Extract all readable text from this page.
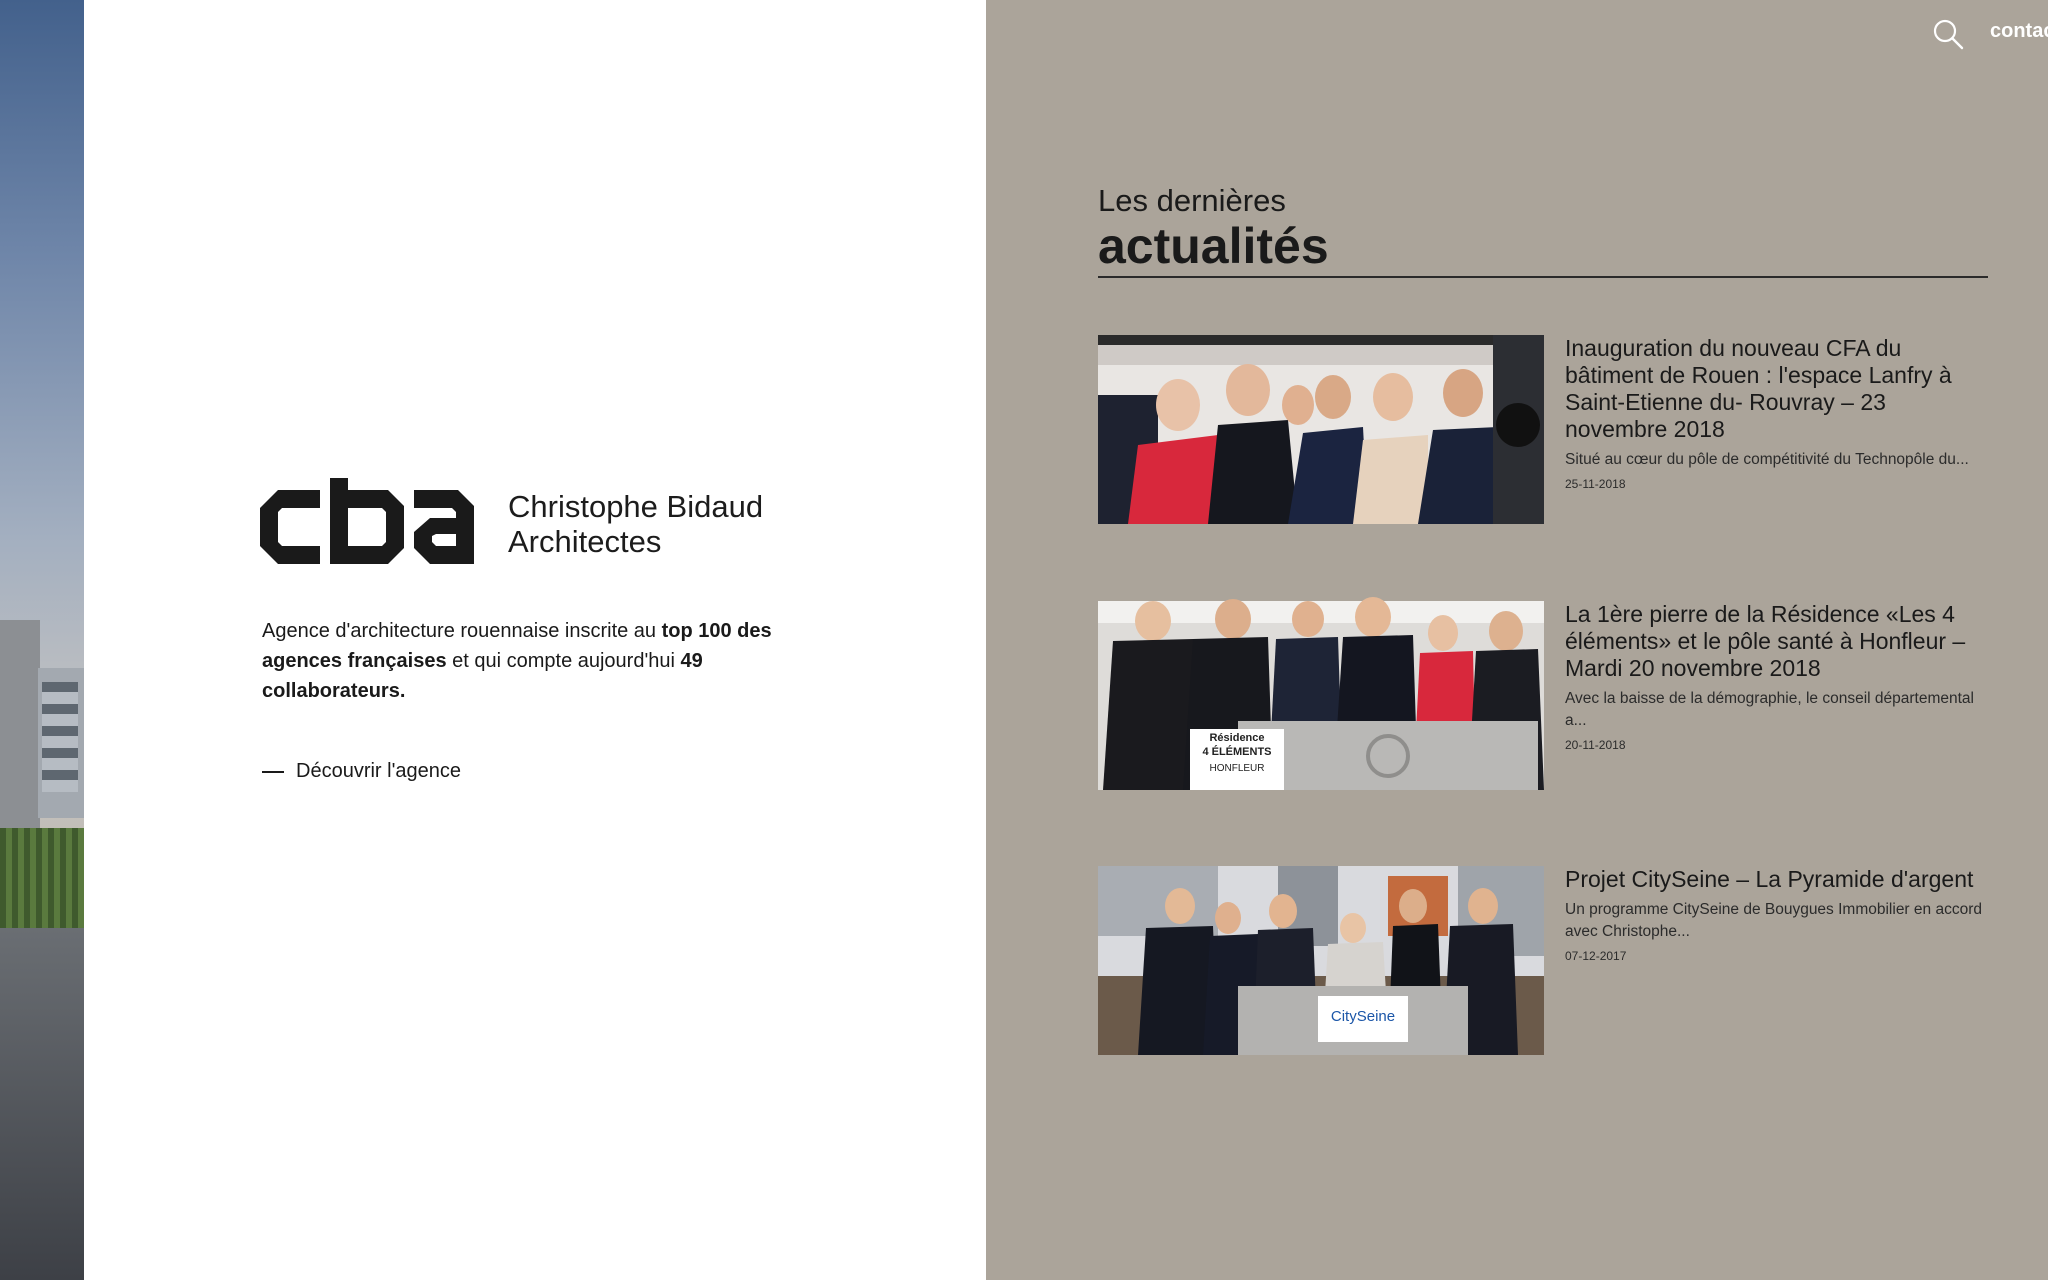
Christophe Bidaud
Architectes
Agence d'architecture rouennaise inscrite au top 100 des agences françaises et qui compte aujourd'hui 49 collaborateurs.
Découvrir l'agence
contac
Les dernières
actualités
Inauguration du nouveau CFA du bâtiment de Rouen : l'espace Lanfry à Saint-Etienne du- Rouvray – 23 novembre 2018
Situé au cœur du pôle de compétitivité du Technopôle du...
25-11-2018
Résidence
4 ÉLÉMENTS
HONFLEUR
La 1ère pierre de la Résidence «Les 4 éléments» et le pôle santé à Honfleur – Mardi 20 novembre 2018
Avec la baisse de la démographie, le conseil départemental a...
20-11-2018
CitySeine
Projet CitySeine – La Pyramide d'argent
Un programme CitySeine de Bouygues Immobilier en accord avec Christophe...
07-12-2017
